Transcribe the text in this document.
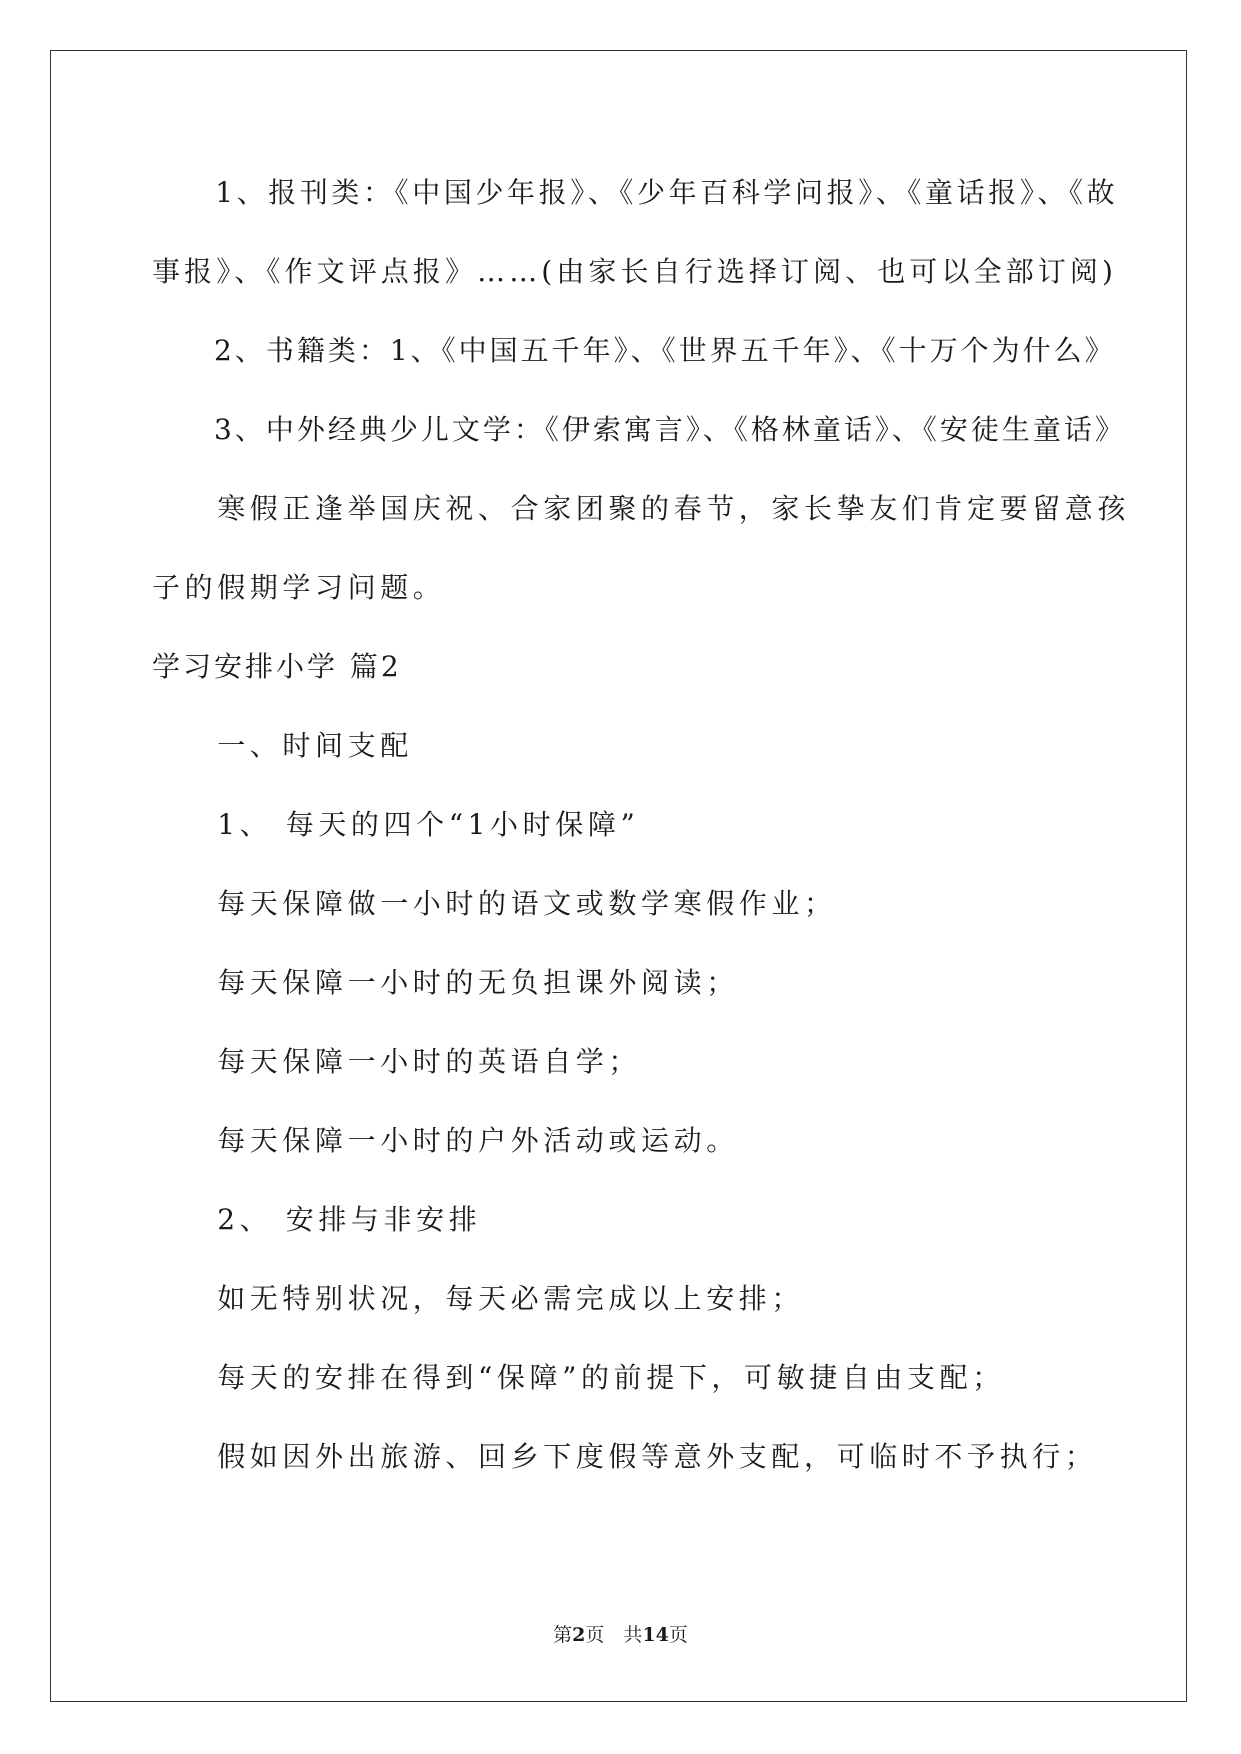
　　1、报刊类：《中国少年报》、《少年百科学问报》、《童话报》、《故
事报》、《作文评点报》……(由家长自行选择订阅、也可以全部订阅)
　　2、书籍类：1、《中国五千年》、《世界五千年》、《十万个为什么》
　　3、中外经典少儿文学：《伊索寓言》、《格林童话》、《安徒生童话》
　　寒假正逢举国庆祝、合家团聚的春节，家长挚友们肯定要留意孩
子的假期学习问题。
学习安排小学 篇2
　　一、时间支配
　　1、 每天的四个“1小时保障”
　　每天保障做一小时的语文或数学寒假作业；
　　每天保障一小时的无负担课外阅读；
　　每天保障一小时的英语自学；
　　每天保障一小时的户外活动或运动。
　　2、 安排与非安排
　　如无特别状况，每天必需完成以上安排；
　　每天的安排在得到“保障”的前提下，可敏捷自由支配；
　　假如因外出旅游、回乡下度假等意外支配，可临时不予执行；
第2页　共14页
